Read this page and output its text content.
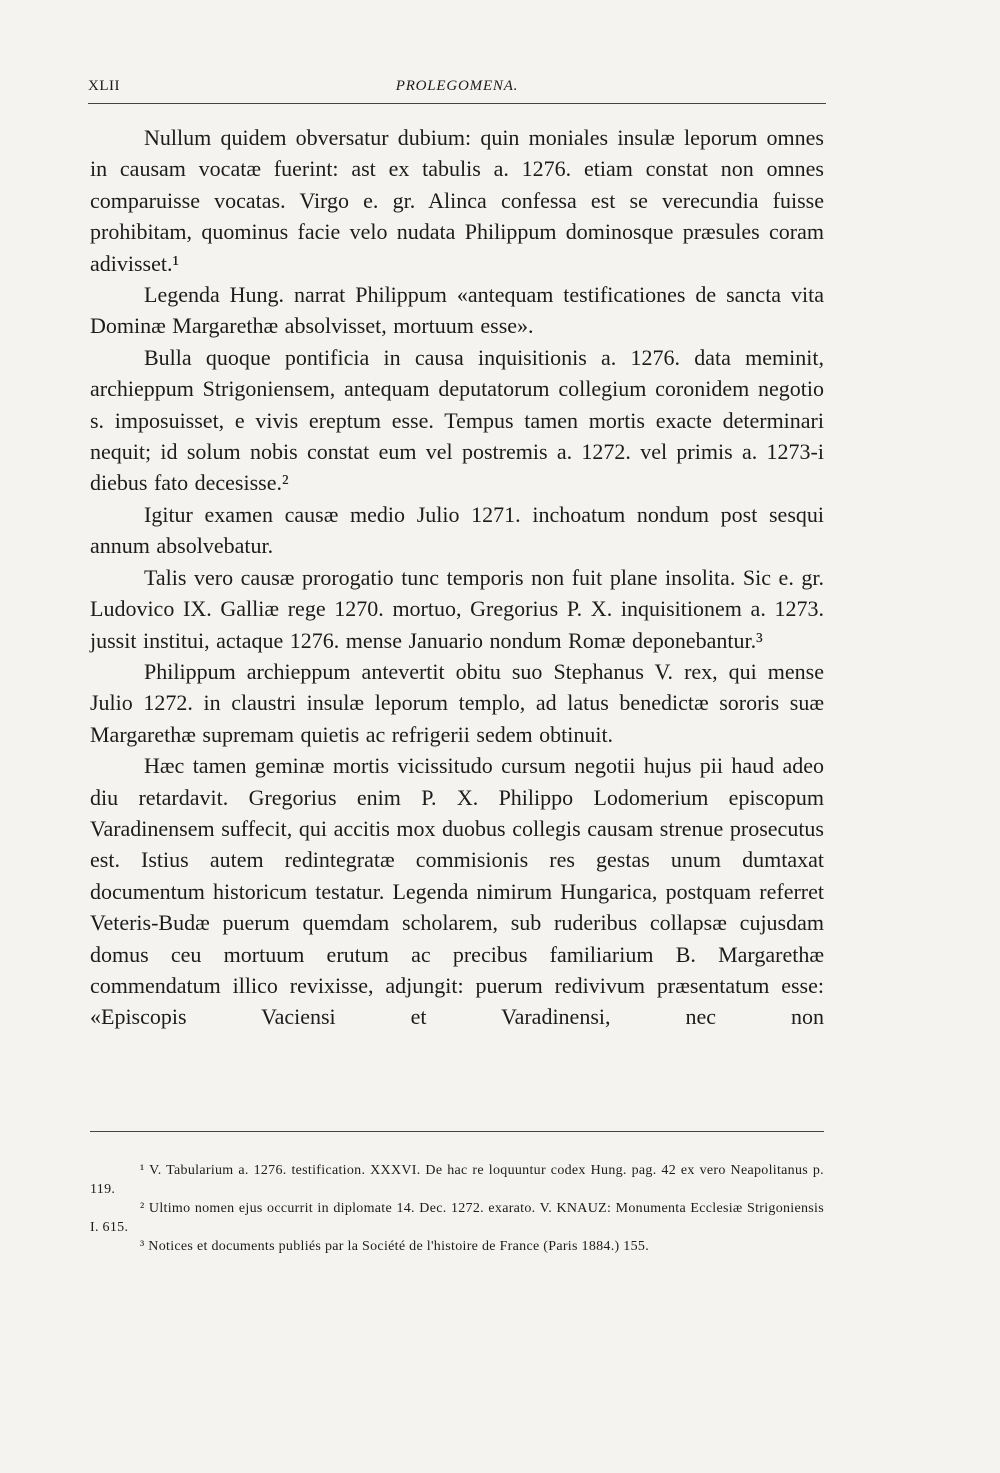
XLII	PROLEGOMENA.

Nullum quidem obversatur dubium: quin moniales insulæ leporum omnes in causam vocatæ fuerint: ast ex tabulis a. 1276. etiam constat non omnes comparuisse vocatas. Virgo e. gr. Alinca confessa est se verecundia fuisse prohibitam, quominus facie velo nudata Philippum dominosque præsules coram adivisset.¹

Legenda Hung. narrat Philippum «antequam testificationes de sancta vita Dominæ Margarethæ absolvisset, mortuum esse».

Bulla quoque pontificia in causa inquisitionis a. 1276. data meminit, archieppum Strigoniensem, antequam deputatorum collegium coronidem negotio s. imposuisset, e vivis ereptum esse. Tempus tamen mortis exacte determinari nequit; id solum nobis constat eum vel postremis a. 1272. vel primis a. 1273-i diebus fato decesisse.²

Igitur examen causæ medio Julio 1271. inchoatum nondum post sesqui annum absolvebatur.

Talis vero causæ prorogatio tunc temporis non fuit plane insolita. Sic e. gr. Ludovico IX. Galliæ rege 1270. mortuo, Gregorius P. X. inquisitionem a. 1273. jussit institui, actaque 1276. mense Januario nondum Romæ deponebantur.³

Philippum archieppum antevertit obitu suo Stephanus V. rex, qui mense Julio 1272. in claustri insulæ leporum templo, ad latus benedictæ sororis suæ Margarethæ supremam quietis ac refrigerii sedem obtinuit.

Hæc tamen geminæ mortis vicissitudo cursum negotii hujus pii haud adeo diu retardavit. Gregorius enim P. X. Philippo Lodomerium episcopum Varadinensem suffecit, qui accitis mox duobus collegis causam strenue prosecutus est. Istius autem redintegratæ commisionis res gestas unum dumtaxat documentum historicum testatur. Legenda nimirum Hungarica, postquam referret Veteris-Budæ puerum quemdam scholarem, sub ruderibus collapsæ cujusdam domus ceu mortuum erutum ac precibus familiarium B. Margarethæ commendatum illico revixisse, adjungit: puerum redivivum præsentatum esse: «Episcopis Vaciensi et Varadinensi, nec non

¹ V. Tabularium a. 1276. testification. XXXVI. De hac re loquuntur codex Hung. pag. 42 ex vero Neapolitanus p. 119.

² Ultimo nomen ejus occurrit in diplomate 14. Dec. 1272. exarato. V. KNAUZ: Monumenta Ecclesiæ Strigoniensis I. 615.

³ Notices et documents publiés par la Société de l'histoire de France (Paris 1884.) 155.
